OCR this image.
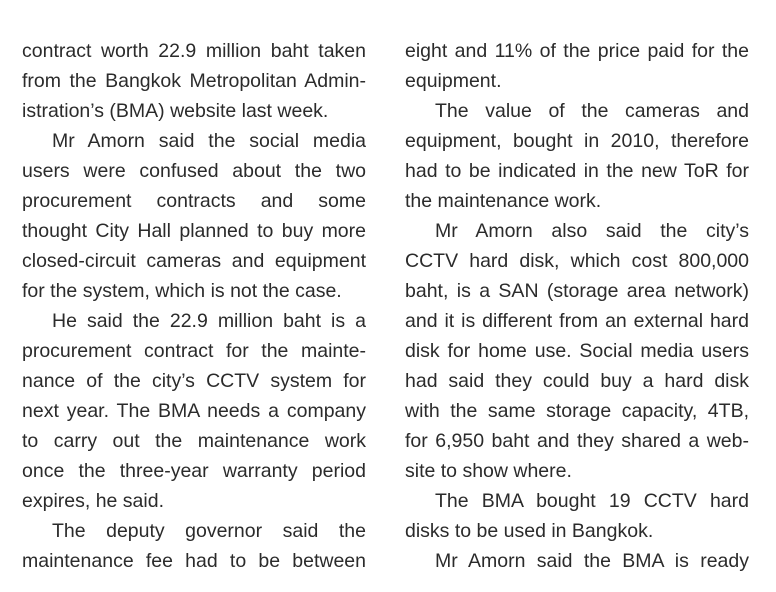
contract worth 22.9 million baht taken
from the Bangkok Metropolitan Admin-
istration’s (BMA) website last week.
Mr Amorn said the social media
users were confused about the two
procurement contracts and some
thought City Hall planned to buy more
closed-circuit cameras and equipment
for the system, which is not the case.
He said the 22.9 million baht is a
procurement contract for the mainte-
nance of the city’s CCTV system for
next year. The BMA needs a company
to carry out the maintenance work
once the three-year warranty period
expires, he said.
The deputy governor said the
maintenance fee had to be between
eight and 11% of the price paid for the
equipment.
The value of the cameras and
equipment, bought in 2010, therefore
had to be indicated in the new ToR for
the maintenance work.
Mr Amorn also said the city’s
CCTV hard disk, which cost 800,000
baht, is a SAN (storage area network)
and it is different from an external hard
disk for home use. Social media users
had said they could buy a hard disk
with the same storage capacity, 4TB,
for 6,950 baht and they shared a web-
site to show where.
The BMA bought 19 CCTV hard
disks to be used in Bangkok.
Mr Amorn said the BMA is ready
